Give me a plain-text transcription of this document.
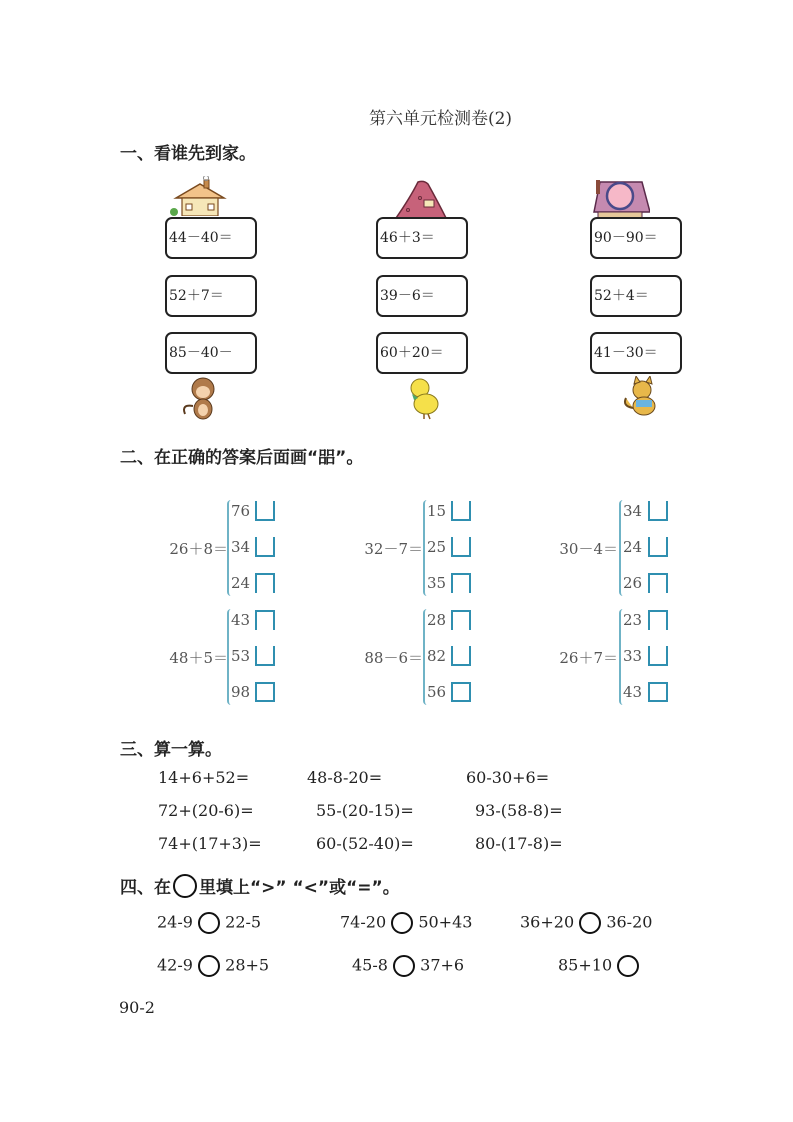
第六单元检测卷(2)
一、看谁先到家。
44－40＝
52＋7＝
85－40－
46＋3＝
39－6＝
60＋20＝
90－90＝
52＋4＝
41－30＝
二、在正确的答案后面画“㗊”。
26＋8＝
76
34
24
32－7＝
15
25
35
30－4＝
34
24
26
48＋5＝
43
53
98
88－6＝
28
82
56
26＋7＝
23
33
43
三、算一算。
14+6+52=	48-8-20=	60-30+6=
72+(20-6)=	55-(20-15)=	93-(58-8)=
74+(17+3)=	60-(52-40)=	80-(17-8)=
四、在 里填上“>” “<”或“=”。
24-9 22-5	74-20 50+43	36+20 36-20
42-9 28+5	45-8 37+6	85+10
90-2
